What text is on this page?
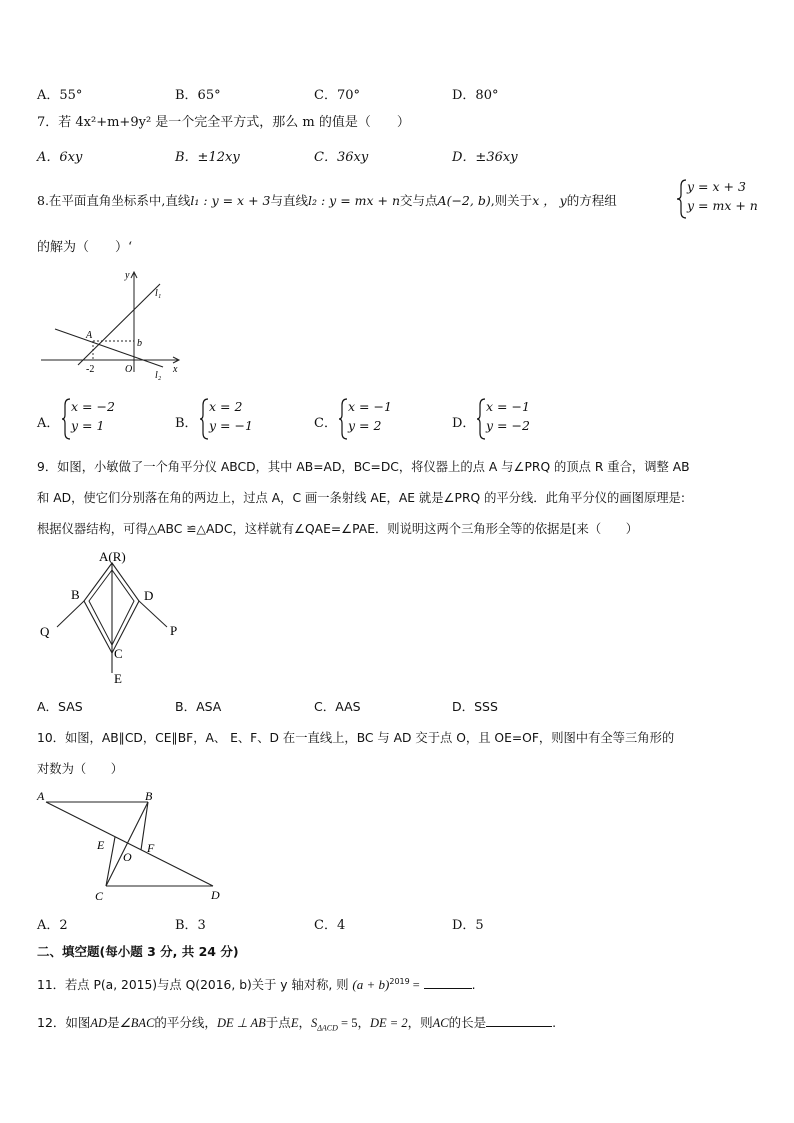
A．55°	B．65°	C．70°	D．80°
7．若 4x²+m+9y² 是一个完全平方式，那么 m 的值是（　　）
A．6xy	B．±12xy	C．36xy	D．±36xy
8.在平面直角坐标系中,直线l₁ : y = x + 3与直线l₂ : y = mx + n交与点A(−2, b),则关于x ， y的方程组
y = x + 3
y = mx + n
的解为（　　）‘
y
x
l₁
l₂
A
b
-2	O
A．
x = −2
y = 1	B．
x = 2
y = −1	C．
x = −1
y = 2	D．
x = −1
y = −2
9．如图，小敏做了一个角平分仪 ABCD，其中 AB=AD，BC=DC，将仪器上的点 A 与∠PRQ 的顶点 R 重合，调整 AB
和 AD，使它们分别落在角的两边上，过点 A，C 画一条射线 AE，AE 就是∠PRQ 的平分线．此角平分仪的画图原理是:
根据仪器结构，可得△ABC ≌△ADC，这样就有∠QAE=∠PAE．则说明这两个三角形全等的依据是[来（　　）
A(R)
B	D
Q	P
C
E
A．SAS	B．ASA	C．AAS	D．SSS
10．如图，AB∥CD，CE∥BF，A、 E、F、D 在一直线上，BC 与 AD 交于点 O，且 OE=OF，则图中有全等三角形的
对数为（　　）
A	B
E
O
F
C	D
A．2	B．3	C．4	D．5
二、填空题(每小题 3 分, 共 24 分)
11．若点 P(a, 2015)与点 Q(2016, b)关于 y 轴对称, 则 $(a + b)^{2019}$ =	.
12．如图AD是∠BAC的平分线，DE ⊥ AB于点E，$S_{\Delta ACD} = 5$，DE = 2，则AC的长是	.
